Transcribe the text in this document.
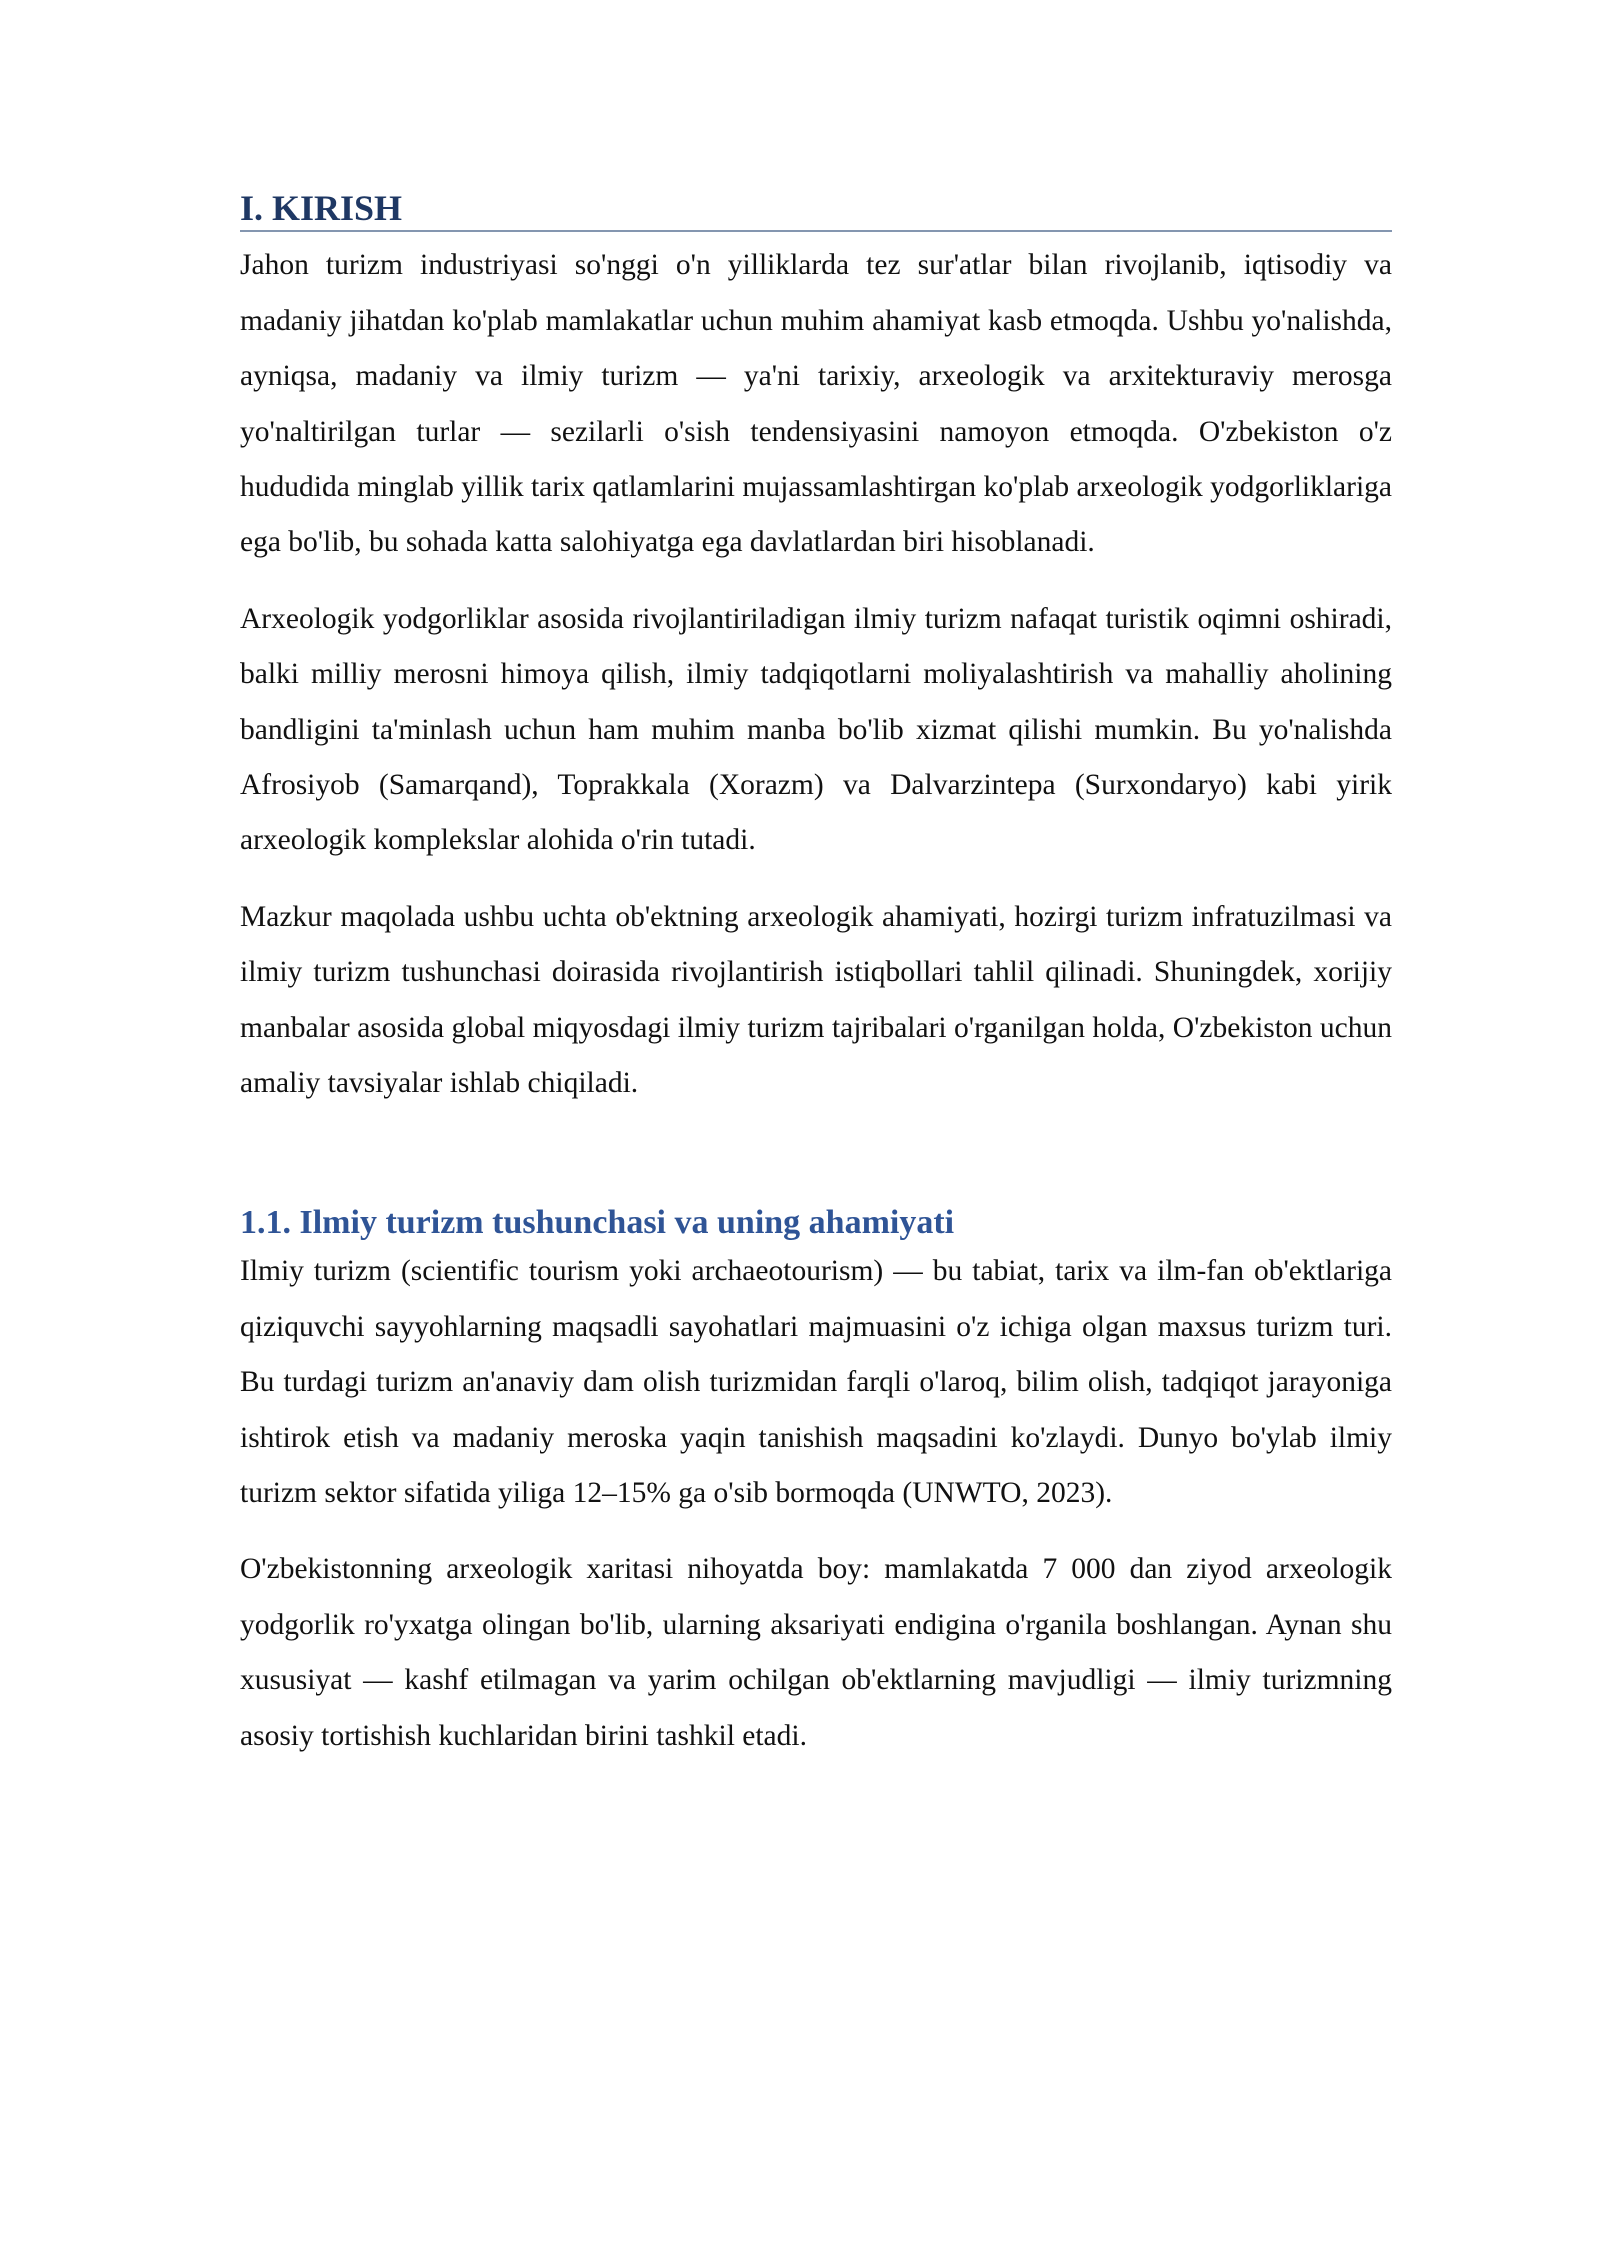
I. KIRISH

Jahon turizm industriyasi so'nggi o'n yilliklarda tez sur'atlar bilan rivojlanib, iqtisodiy va madaniy jihatdan ko'plab mamlakatlar uchun muhim ahamiyat kasb etmoqda. Ushbu yo'nalishda, ayniqsa, madaniy va ilmiy turizm — ya'ni tarixiy, arxeologik va arxitekturaviy merosga yo'naltirilgan turlar — sezilarli o'sish tendensiyasini namoyon etmoqda. O'zbekiston o'z hududida minglab yillik tarix qatlamlarini mujassamlashtirgan ko'plab arxeologik yodgorliklariga ega bo'lib, bu sohada katta salohiyatga ega davlatlardan biri hisoblanadi.

Arxeologik yodgorliklar asosida rivojlantiriladigan ilmiy turizm nafaqat turistik oqimni oshiradi, balki milliy merosni himoya qilish, ilmiy tadqiqotlarni moliyalashtirish va mahalliy aholining bandligini ta'minlash uchun ham muhim manba bo'lib xizmat qilishi mumkin. Bu yo'nalishda Afrosiyob (Samarqand), Toprakkala (Xorazm) va Dalvarzintepa (Surxondaryo) kabi yirik arxeologik komplekslar alohida o'rin tutadi.

Mazkur maqolada ushbu uchta ob'ektning arxeologik ahamiyati, hozirgi turizm infratuzilmasi va ilmiy turizm tushunchasi doirasida rivojlantirish istiqbollari tahlil qilinadi. Shuningdek, xorijiy manbalar asosida global miqyosdagi ilmiy turizm tajribalari o'rganilgan holda, O'zbekiston uchun amaliy tavsiyalar ishlab chiqiladi.

1.1. Ilmiy turizm tushunchasi va uning ahamiyati

Ilmiy turizm (scientific tourism yoki archaeotourism) — bu tabiat, tarix va ilm-fan ob'ektlariga qiziquvchi sayyohlarning maqsadli sayohatlari majmuasini o'z ichiga olgan maxsus turizm turi. Bu turdagi turizm an'anaviy dam olish turizmidan farqli o'laroq, bilim olish, tadqiqot jarayoniga ishtirok etish va madaniy meroska yaqin tanishish maqsadini ko'zlaydi. Dunyo bo'ylab ilmiy turizm sektor sifatida yiliga 12–15% ga o'sib bormoqda (UNWTO, 2023).

O'zbekistonning arxeologik xaritasi nihoyatda boy: mamlakatda 7 000 dan ziyod arxeologik yodgorlik ro'yxatga olingan bo'lib, ularning aksariyati endigina o'rganila boshlangan. Aynan shu xususiyat — kashf etilmagan va yarim ochilgan ob'ektlarning mavjudligi — ilmiy turizmning asosiy tortishish kuchlaridan birini tashkil etadi.
